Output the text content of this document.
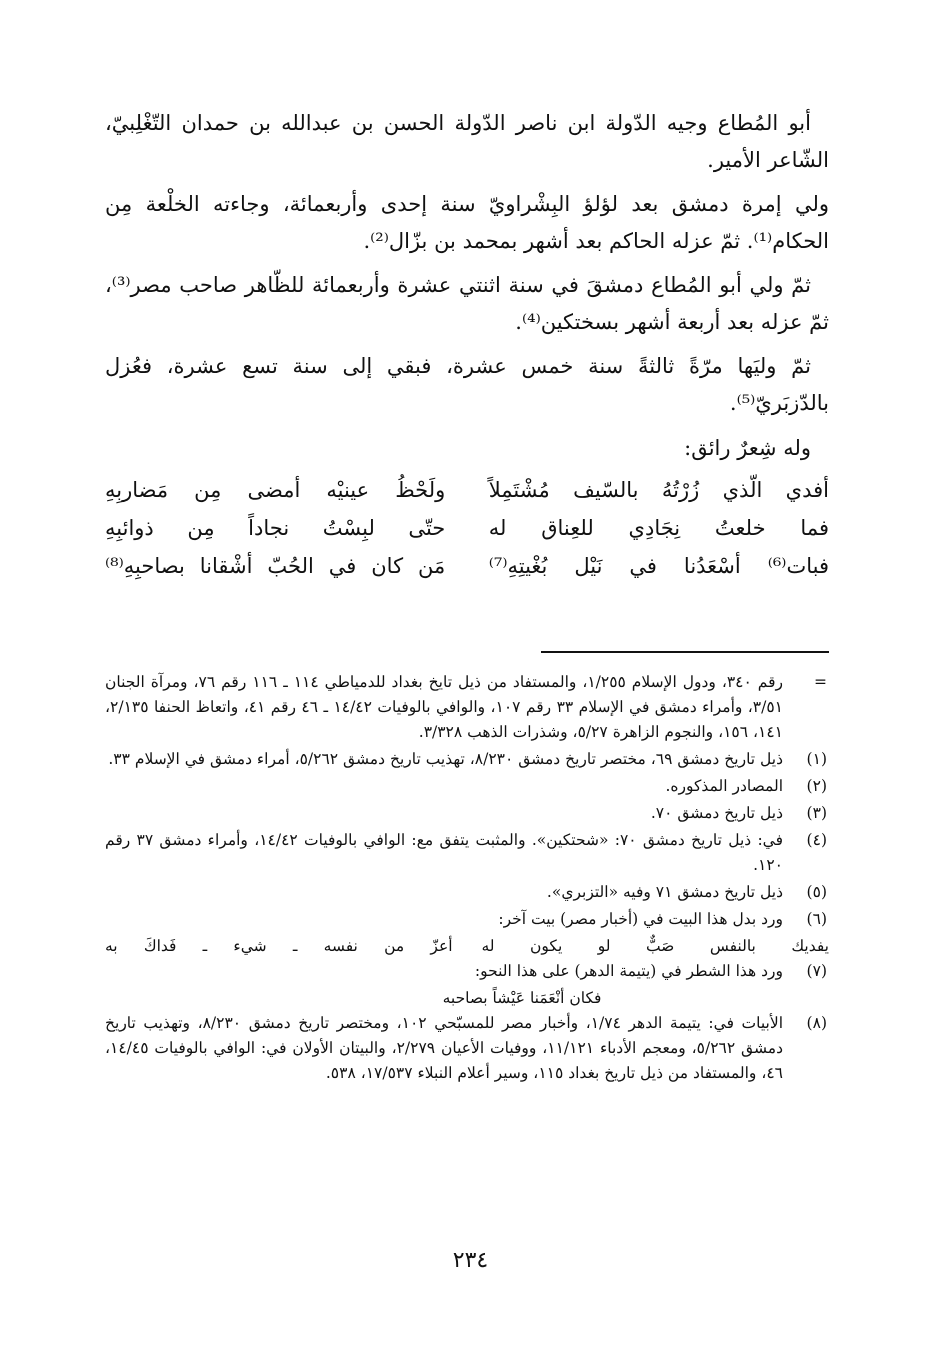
أبو المُطاع وجيه الدّولة ابن ناصر الدّولة الحسن بن عبدالله بن حمدان التّغْلِبيّ، الشّاعر الأمير.

ولي إمرة دمشق بعد لؤلؤ البِشْراويّ سنة إحدى وأربعمائة، وجاءته الخلْعة مِن الحكام⁽¹⁾. ثمّ عزله الحاكم بعد أشهر بمحمد بن بزّال⁽²⁾.

ثمّ ولي أبو المُطاع دمشقَ في سنة اثنتي عشرة وأربعمائة للظّاهر صاحب مصر⁽³⁾، ثمّ عزله بعد أربعة أشهر بسختكين⁽⁴⁾.

ثمّ وليَها مرّةً ثالثةً سنة خمس عشرة، فبقي إلى سنة تسع عشرة، فعُزل بالدّزبَريّ⁽⁵⁾.

وله شِعرٌ رائق:

أفدي الّذي زُرْتُهُ بالسّيف مُشْتَمِلاً
ولَحْظُ عينيْه أمضى مِن مَضاربِهِ
فما خلعتُ نِجَادِي للعِناق له
حتّى لبِسْتُ نجاداً مِن ذوائبِهِ
فبات⁽⁶⁾ أسْعَدُنا في نَيْل بُغْيتِهِ⁽⁷⁾
مَن كان في الحُبّ أشْقانا بصاحبِهِ⁽⁸⁾
=
رقم ٣٤٠، ودول الإسلام ١/٢٥٥، والمستفاد من ذيل تايخ بغداد للدمياطي ١١٤ ـ ١١٦ رقم ٧٦، ومرآة الجنان ٣/٥١، وأمراء دمشق في الإسلام ٣٣ رقم ١٠٧، والوافي بالوفيات ١٤/٤٢ ـ ٤٦ رقم ٤١، واتعاظ الحنفا ٢/١٣٥، ١٤١، ١٥٦، والنجوم الزاهرة ٥/٢٧، وشذرات الذهب ٣/٣٢٨.
(١)
ذيل تاريخ دمشق ٦٩، مختصر تاريخ دمشق ٨/٢٣٠، تهذيب تاريخ دمشق ٥/٢٦٢، أمراء دمشق في الإسلام ٣٣.
(٢)
المصادر المذكوره.
(٣)
ذيل تاريخ دمشق ٧٠.
(٤)
في: ذيل تاريخ دمشق ٧٠: «شحتكين». والمثبت يتفق مع: الوافي بالوفيات ١٤/٤٢، وأمراء دمشق ٣٧ رقم ١٢٠.
(٥)
ذيل تاريخ دمشق ٧١ وفيه «التزبري».
(٦)
ورد بدل هذا البيت في (أخبار مصر) بيت آخر:
يفديك بالنفس صَبٌّ لو يكون له
أعزّ من نفسه ـ شيء ـ فَداكَ به
(٧)
ورد هذا الشطر في (يتيمة الدهر) على هذا النحو:
فكان أنْعَمَنا عَيْشاً بصاحبه
(٨)
الأبيات في: يتيمة الدهر ١/٧٤، وأخبار مصر للمسبّحي ١٠٢، ومختصر تاريخ دمشق ٨/٢٣٠، وتهذيب تاريخ دمشق ٥/٢٦٢، ومعجم الأدباء ١١/١٢١، ووفيات الأعيان ٢/٢٧٩، والبيتان الأولان في: الوافي بالوفيات ١٤/٤٥، ٤٦، والمستفاد من ذيل تاريخ بغداد ١١٥، وسير أعلام النبلاء ١٧/٥٣٧، ٥٣٨.
٢٣٤
